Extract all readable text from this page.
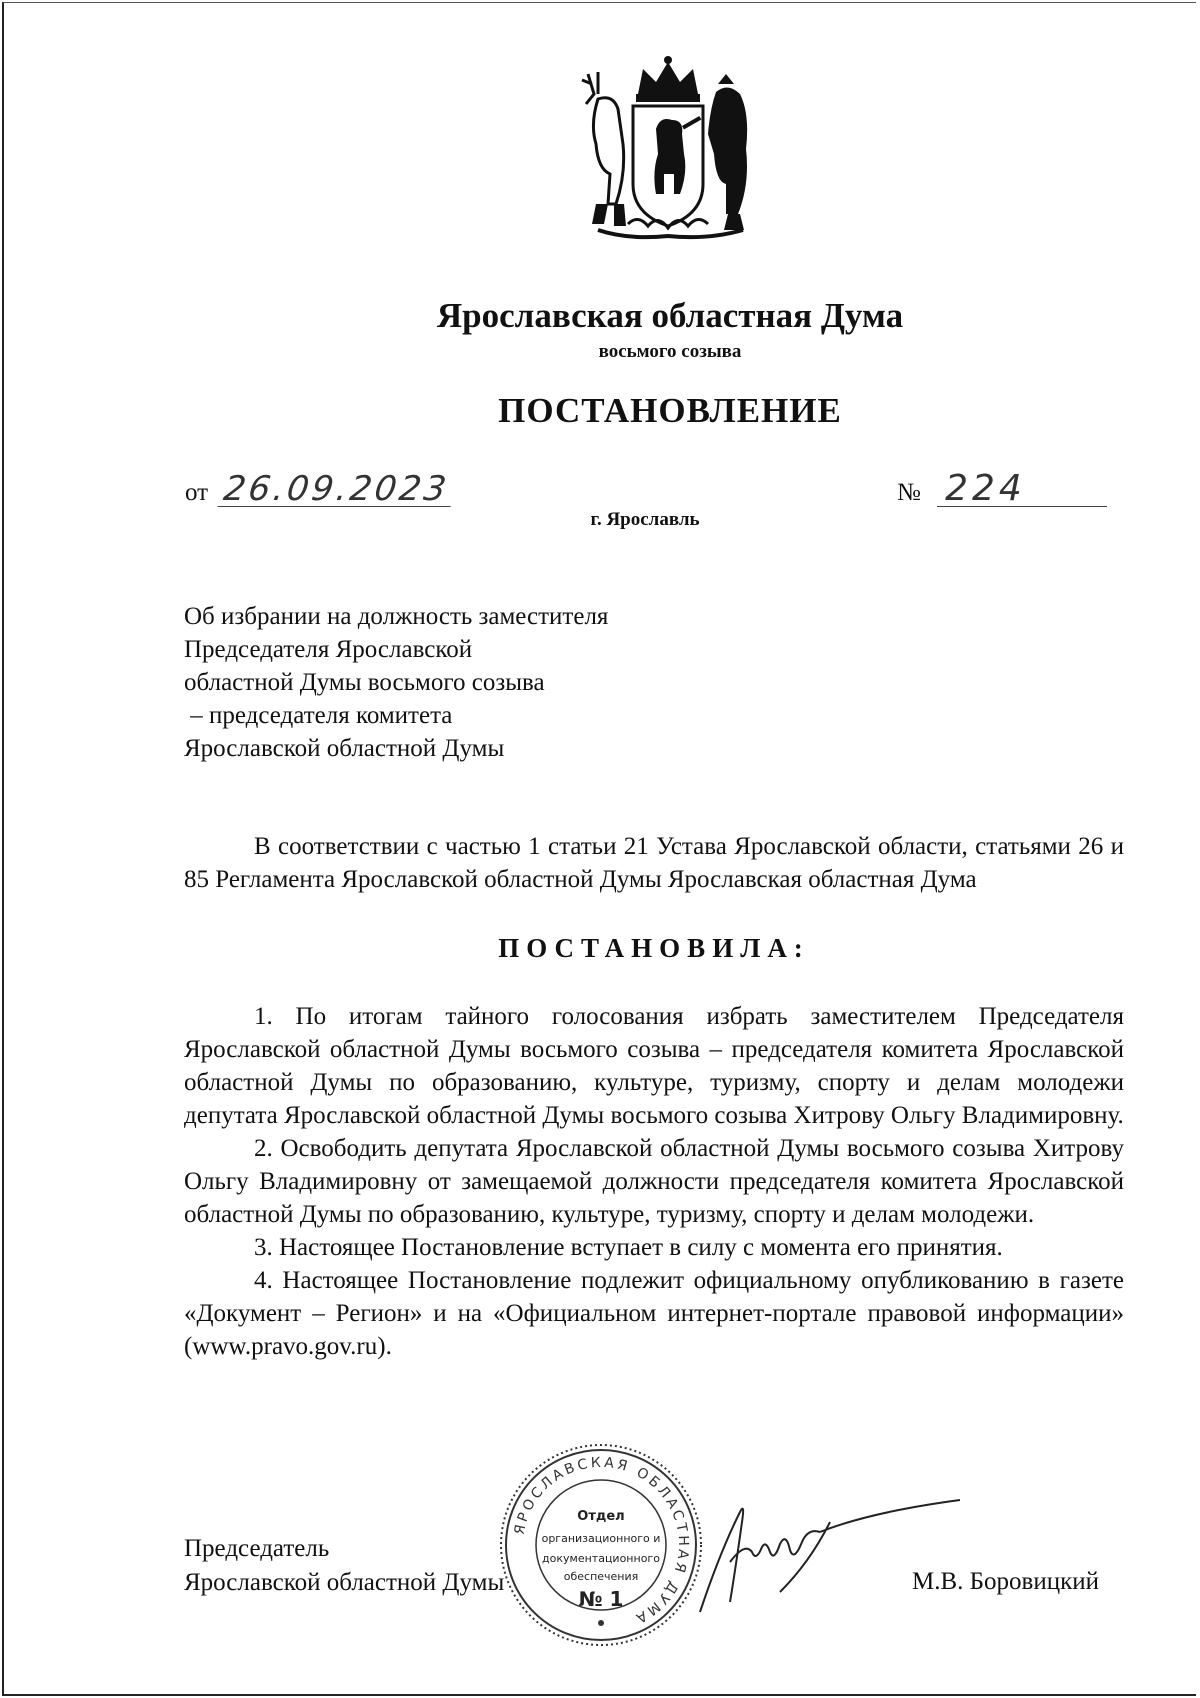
Ярославская областная Дума
восьмого созыва
ПОСТАНОВЛЕНИЕ
от 26.09.2023	№ 224
г. Ярославль
Об избрании на должность заместителя
Председателя Ярославской
областной Думы восьмого созыва
– председателя комитета
Ярославской областной Думы

В соответствии с частью 1 статьи 21 Устава Ярославской области, статьями 26 и 85 Регламента Ярославской областной Думы Ярославская областная Дума

ПОСТАНОВИЛА:

1. По итогам тайного голосования избрать заместителем Председателя Ярославской областной Думы восьмого созыва – председателя комитета Ярославской областной Думы по образованию, культуре, туризму, спорту и делам молодежи депутата Ярославской областной Думы восьмого созыва Хитрову Ольгу Владимировну.

2. Освободить депутата Ярославской областной Думы восьмого созыва Хитрову Ольгу Владимировну от замещаемой должности председателя комитета Ярославской областной Думы по образованию, культуре, туризму, спорту и делам молодежи.

3. Настоящее Постановление вступает в силу с момента его принятия.

4. Настоящее Постановление подлежит официальному опубликованию в газете «Документ – Регион» и на «Официальном интернет-портале правовой информации» (www.pravo.gov.ru).

Председатель
Ярославской областной Думы
ЯРОСЛАВСКАЯ ОБЛАСТНАЯ ДУМА
Отдел
организационного и
документационного
обеспечения
№ 1
М.В. Боровицкий
